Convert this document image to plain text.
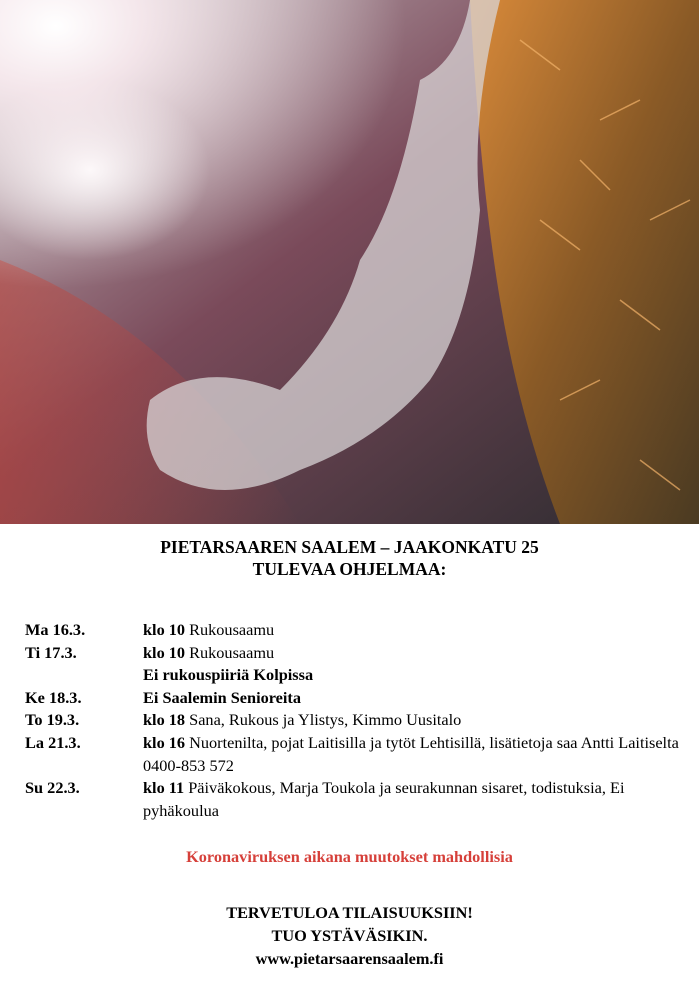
PIETARSAAREN SAALEM – JAAKONKATU 25
TULEVAA OHJELMAA:
Ma 16.3.	klo 10 Rukousaamu
Ti 17.3.	klo 10 Rukousaamu
Ei rukouspiiriä Kolpissa
Ke 18.3.	Ei Saalemin Senioreita
To 19.3.	klo 18 Sana, Rukous ja Ylistys, Kimmo Uusitalo
La 21.3.	klo 16 Nuortenilta, pojat Laitisilla ja tytöt Lehtisillä, lisätietoja saa Antti Laitiselta 0400-853 572
Su 22.3.	klo 11 Päiväkokous, Marja Toukola ja seurakunnan sisaret, todistuksia, Ei pyhäkoulua
Koronaviruksen aikana muutokset mahdollisia
TERVETULOA TILAISUUKSIIN!
TUO YSTÄVÄSIKIN.
www.pietarsaarensaalem.fi
